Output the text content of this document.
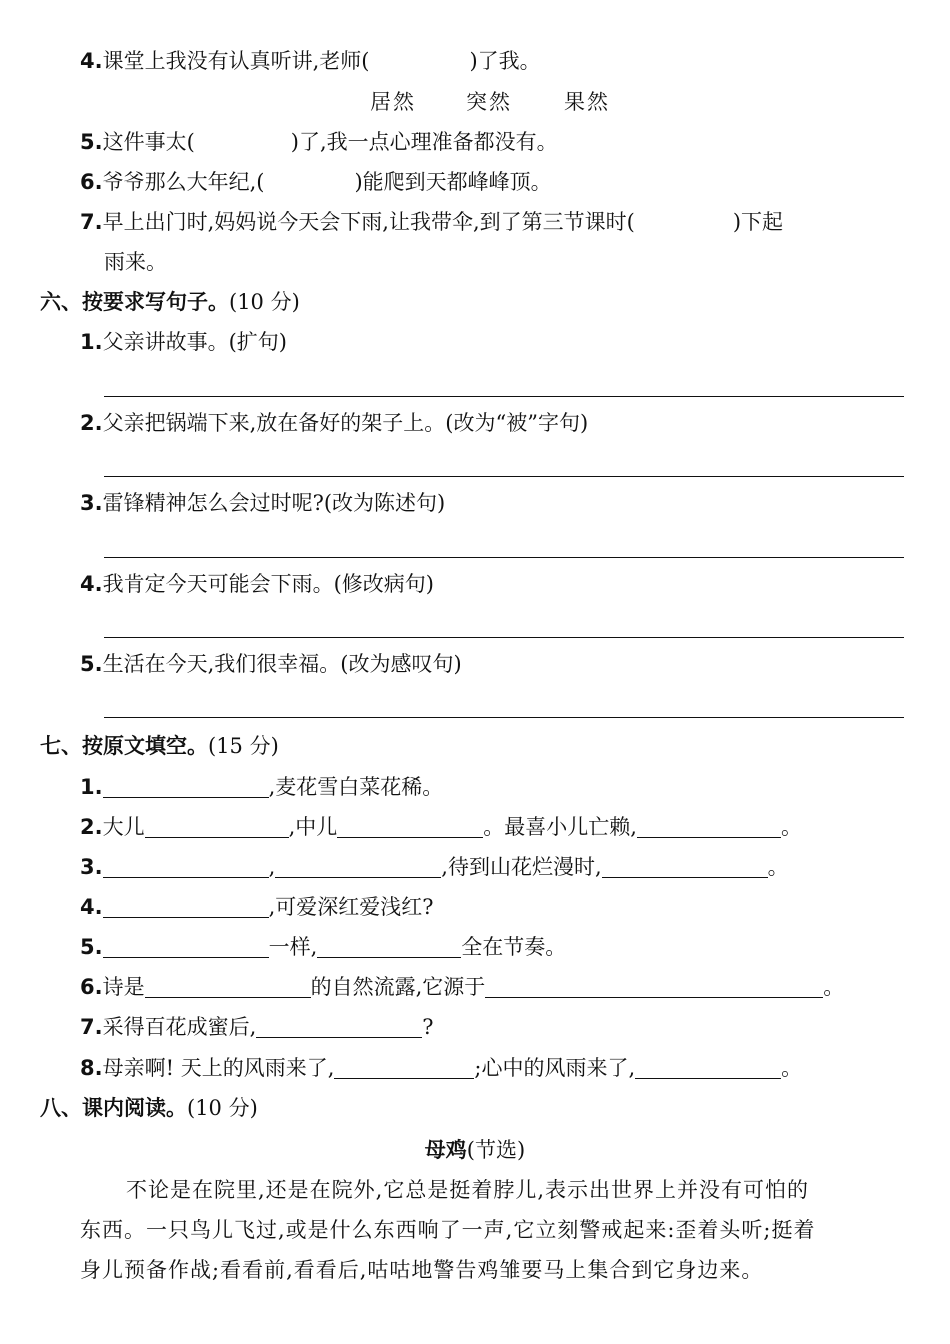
4.课堂上我没有认真听讲,老师(	)了我。
居然 突然 果然
5.这件事太(	)了,我一点心理准备都没有。
6.爷爷那么大年纪,(	)能爬到天都峰峰顶。
7.早上出门时,妈妈说今天会下雨,让我带伞,到了第三节课时(	)下起
雨来。
六、按要求写句子。(10 分)
1.父亲讲故事。(扩句)
2.父亲把锅端下来,放在备好的架子上。(改为“被”字句)
3.雷锋精神怎么会过时呢?(改为陈述句)
4.我肯定今天可能会下雨。(修改病句)
5.生活在今天,我们很幸福。(改为感叹句)
七、按原文填空。(15 分)
1.	,麦花雪白菜花稀。
2.大儿	,中儿	。最喜小儿亡赖,	。
3.	,	,待到山花烂漫时,	。
4.	,可爱深红爱浅红?
5.	一样,	全在节奏。
6.诗是	的自然流露,它源于	。
7.采得百花成蜜后,	?
8.母亲啊! 天上的风雨来了,	;心中的风雨来了,	。
八、课内阅读。(10 分)
母鸡(节选)
不论是在院里,还是在院外,它总是挺着脖儿,表示出世界上并没有可怕的
东西。一只鸟儿飞过,或是什么东西响了一声,它立刻警戒起来:歪着头听;挺着
身儿预备作战;看看前,看看后,咕咕地警告鸡雏要马上集合到它身边来。
